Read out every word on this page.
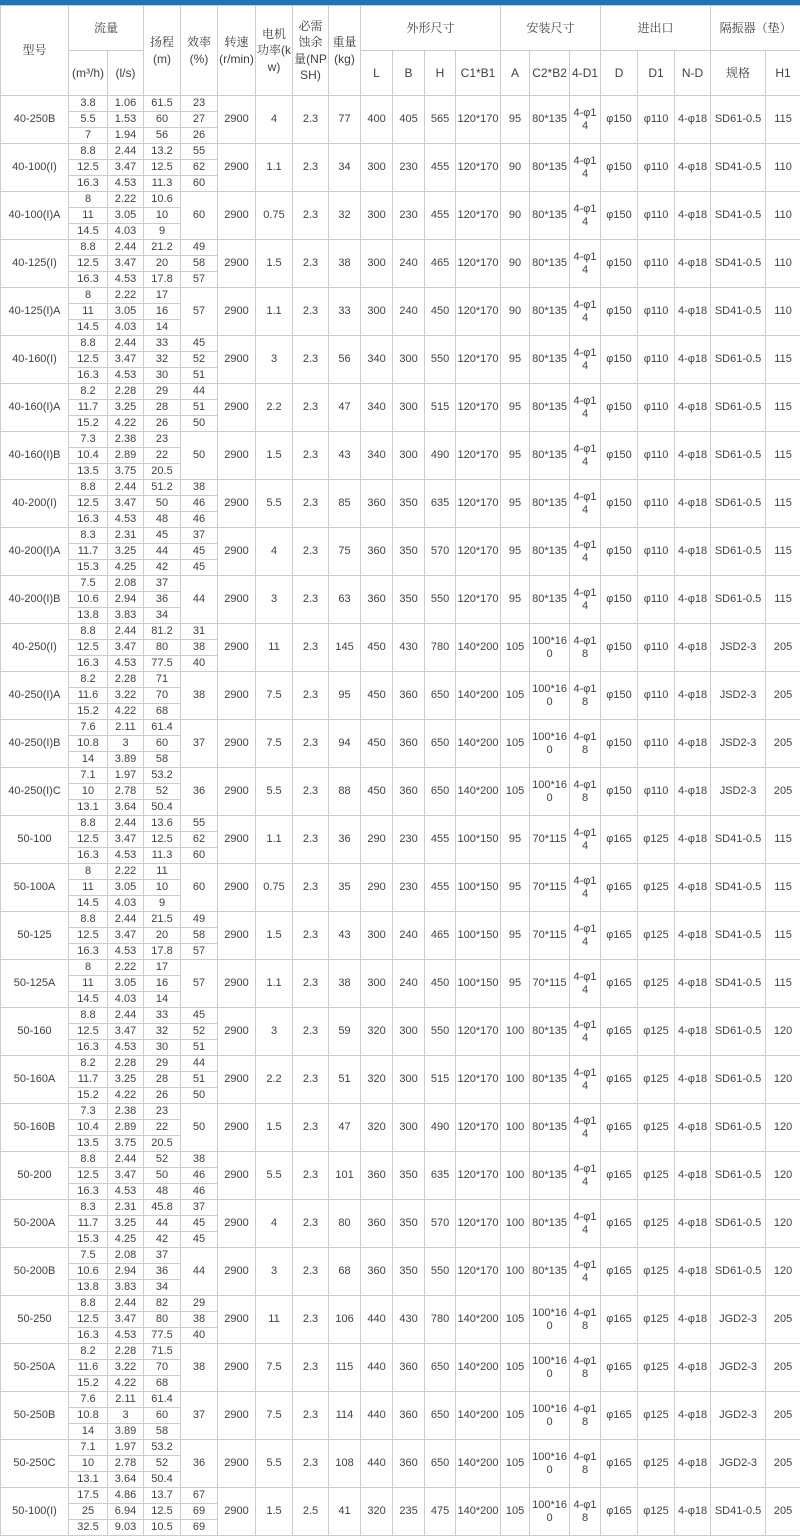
型号	流量		扬程(m)	效率(%)	转速(r/min)	电机功率(kw)	必需蚀余量(NPSH)	重量(kg)	外形尺寸				安装尺寸			进出口			隔振器（垫）	
	(m³/h)	(l/s)							L	B	H	C1*B1	A	C2*B2	4-D1	D	D1	N-D	规格	H1
40-250B	3.8	1.06	61.5	23	2900	4	2.3	77	400	405	565	120*170	95	80*135	4-φ14	φ150	φ110	4-φ18	SD61-0.5	115
	5.5	1.53	60	27																
	7	1.94	56	26																
40-100(I)	8.8	2.44	13.2	55	2900	1.1	2.3	34	300	230	455	120*170	90	80*135	4-φ14	φ150	φ110	4-φ18	SD41-0.5	110
	12.5	3.47	12.5	62																
	16.3	4.53	11.3	60																
40-100(I)A	8	2.22	10.6	60	2900	0.75	2.3	32	300	230	455	120*170	90	80*135	4-φ14	φ150	φ110	4-φ18	SD41-0.5	110
	11	3.05	10																	
	14.5	4.03	9																	
40-125(I)	8.8	2.44	21.2	49	2900	1.5	2.3	38	300	240	465	120*170	90	80*135	4-φ14	φ150	φ110	4-φ18	SD41-0.5	110
	12.5	3.47	20	58																
	16.3	4.53	17.8	57																
40-125(I)A	8	2.22	17	57	2900	1.1	2.3	33	300	240	450	120*170	90	80*135	4-φ14	φ150	φ110	4-φ18	SD41-0.5	110
	11	3.05	16																	
	14.5	4.03	14																	
40-160(I)	8.8	2.44	33	45	2900	3	2.3	56	340	300	550	120*170	95	80*135	4-φ14	φ150	φ110	4-φ18	SD61-0.5	115
	12.5	3.47	32	52																
	16.3	4.53	30	51																
40-160(I)A	8.2	2.28	29	44	2900	2.2	2.3	47	340	300	515	120*170	95	80*135	4-φ14	φ150	φ110	4-φ18	SD61-0.5	115
	11.7	3.25	28	51																
	15.2	4.22	26	50																
40-160(I)B	7.3	2.38	23	50	2900	1.5	2.3	43	340	300	490	120*170	95	80*135	4-φ14	φ150	φ110	4-φ18	SD61-0.5	115
	10.4	2.89	22																	
	13.5	3.75	20.5																	
40-200(I)	8.8	2.44	51.2	38	2900	5.5	2.3	85	360	350	635	120*170	95	80*135	4-φ14	φ150	φ110	4-φ18	SD61-0.5	115
	12.5	3.47	50	46																
	16.3	4.53	48	46																
40-200(I)A	8.3	2.31	45	37	2900	4	2.3	75	360	350	570	120*170	95	80*135	4-φ14	φ150	φ110	4-φ18	SD61-0.5	115
	11.7	3.25	44	45																
	15.3	4.25	42	45																
40-200(I)B	7.5	2.08	37	44	2900	3	2.3	63	360	350	550	120*170	95	80*135	4-φ14	φ150	φ110	4-φ18	SD61-0.5	115
	10.6	2.94	36																	
	13.8	3.83	34																	
40-250(I)	8.8	2.44	81.2	31	2900	11	2.3	145	450	430	780	140*200	105	100*160	4-φ18	φ150	φ110	4-φ18	JSD2-3	205
	12.5	3.47	80	38																
	16.3	4.53	77.5	40																
40-250(I)A	8.2	2.28	71	38	2900	7.5	2.3	95	450	360	650	140*200	105	100*160	4-φ18	φ150	φ110	4-φ18	JSD2-3	205
	11.6	3.22	70																	
	15.2	4.22	68																	
40-250(I)B	7.6	2.11	61.4	37	2900	7.5	2.3	94	450	360	650	140*200	105	100*160	4-φ18	φ150	φ110	4-φ18	JSD2-3	205
	10.8	3	60																	
	14	3.89	58																	
40-250(I)C	7.1	1.97	53.2	36	2900	5.5	2.3	88	450	360	650	140*200	105	100*160	4-φ18	φ150	φ110	4-φ18	JSD2-3	205
	10	2.78	52																	
	13.1	3.64	50.4																	
50-100	8.8	2.44	13.6	55	2900	1.1	2.3	36	290	230	455	100*150	95	70*115	4-φ14	φ165	φ125	4-φ18	SD41-0.5	115
	12.5	3.47	12.5	62																
	16.3	4.53	11.3	60																
50-100A	8	2.22	11	60	2900	0.75	2.3	35	290	230	455	100*150	95	70*115	4-φ14	φ165	φ125	4-φ18	SD41-0.5	115
	11	3.05	10																	
	14.5	4.03	9																	
50-125	8.8	2.44	21.5	49	2900	1.5	2.3	43	300	240	465	100*150	95	70*115	4-φ14	φ165	φ125	4-φ18	SD41-0.5	115
	12.5	3.47	20	58																
	16.3	4.53	17.8	57																
50-125A	8	2.22	17	57	2900	1.1	2.3	38	300	240	450	100*150	95	70*115	4-φ14	φ165	φ125	4-φ18	SD41-0.5	115
	11	3.05	16																	
	14.5	4.03	14																	
50-160	8.8	2.44	33	45	2900	3	2.3	59	320	300	550	120*170	100	80*135	4-φ14	φ165	φ125	4-φ18	SD61-0.5	120
	12.5	3.47	32	52																
	16.3	4.53	30	51																
50-160A	8.2	2.28	29	44	2900	2.2	2.3	51	320	300	515	120*170	100	80*135	4-φ14	φ165	φ125	4-φ18	SD61-0.5	120
	11.7	3.25	28	51																
	15.2	4.22	26	50																
50-160B	7.3	2.38	23	50	2900	1.5	2.3	47	320	300	490	120*170	100	80*135	4-φ14	φ165	φ125	4-φ18	SD61-0.5	120
	10.4	2.89	22																	
	13.5	3.75	20.5																	
50-200	8.8	2.44	52	38	2900	5.5	2.3	101	360	350	635	120*170	100	80*135	4-φ14	φ165	φ125	4-φ18	SD61-0.5	120
	12.5	3.47	50	46																
	16.3	4.53	48	46																
50-200A	8.3	2.31	45.8	37	2900	4	2.3	80	360	350	570	120*170	100	80*135	4-φ14	φ165	φ125	4-φ18	SD61-0.5	120
	11.7	3.25	44	45																
	15.3	4.25	42	45																
50-200B	7.5	2.08	37	44	2900	3	2.3	68	360	350	550	120*170	100	80*135	4-φ14	φ165	φ125	4-φ18	SD61-0.5	120
	10.6	2.94	36																	
	13.8	3.83	34																	
50-250	8.8	2.44	82	29	2900	11	2.3	106	440	430	780	140*200	105	100*160	4-φ18	φ165	φ125	4-φ18	JGD2-3	205
	12.5	3.47	80	38																
	16.3	4.53	77.5	40																
50-250A	8.2	2.28	71.5	38	2900	7.5	2.3	115	440	360	650	140*200	105	100*160	4-φ18	φ165	φ125	4-φ18	JGD2-3	205
	11.6	3.22	70																	
	15.2	4.22	68																	
50-250B	7.6	2.11	61.4	37	2900	7.5	2.3	114	440	360	650	140*200	105	100*160	4-φ18	φ165	φ125	4-φ18	JGD2-3	205
	10.8	3	60																	
	14	3.89	58																	
50-250C	7.1	1.97	53.2	36	2900	5.5	2.3	108	440	360	650	140*200	105	100*160	4-φ18	φ165	φ125	4-φ18	JGD2-3	205
	10	2.78	52																	
	13.1	3.64	50.4																	
50-100(I)	17.5	4.86	13.7	67	2900	1.5	2.5	41	320	235	475	140*200	105	100*160	4-φ18	φ165	φ125	4-φ18	SD41-0.5	205
	25	6.94	12.5	69																
	32.5	9.03	10.5	69																
